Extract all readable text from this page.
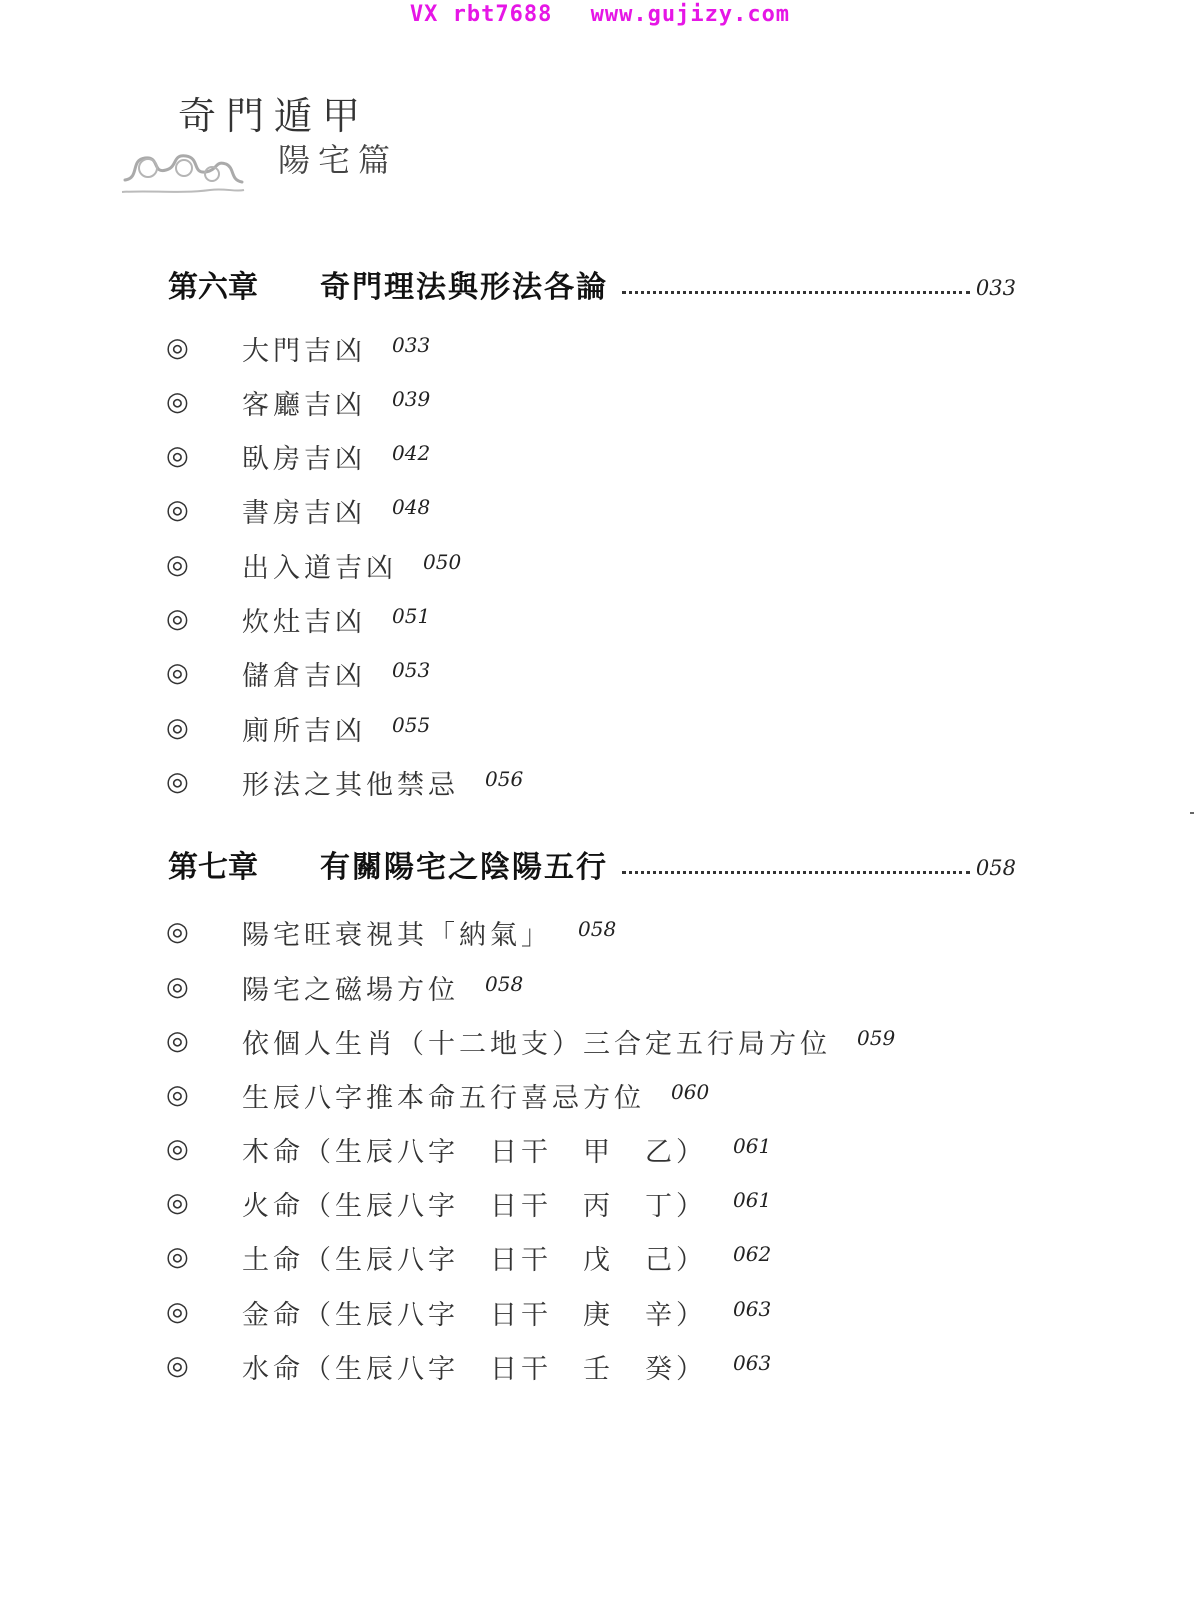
VX rbt7688 www.gujizy.com
奇門遁甲
陽宅篇
第六章	奇門理法與形法各論	033
◎	大門吉凶 033
◎	客廳吉凶 039
◎	臥房吉凶 042
◎	書房吉凶 048
◎	出入道吉凶 050
◎	炊灶吉凶 051
◎	儲倉吉凶 053
◎	廁所吉凶 055
◎	形法之其他禁忌 056
第七章	有關陽宅之陰陽五行	058
◎	陽宅旺衰視其「納氣」 058
◎	陽宅之磁場方位 058
◎	依個人生肖（十二地支）三合定五行局方位 059
◎	生辰八字推本命五行喜忌方位 060
◎	木命（生辰八字　日干　甲　乙） 061
◎	火命（生辰八字　日干　丙　丁） 061
◎	土命（生辰八字　日干　戊　己） 062
◎	金命（生辰八字　日干　庚　辛） 063
◎	水命（生辰八字　日干　壬　癸） 063
